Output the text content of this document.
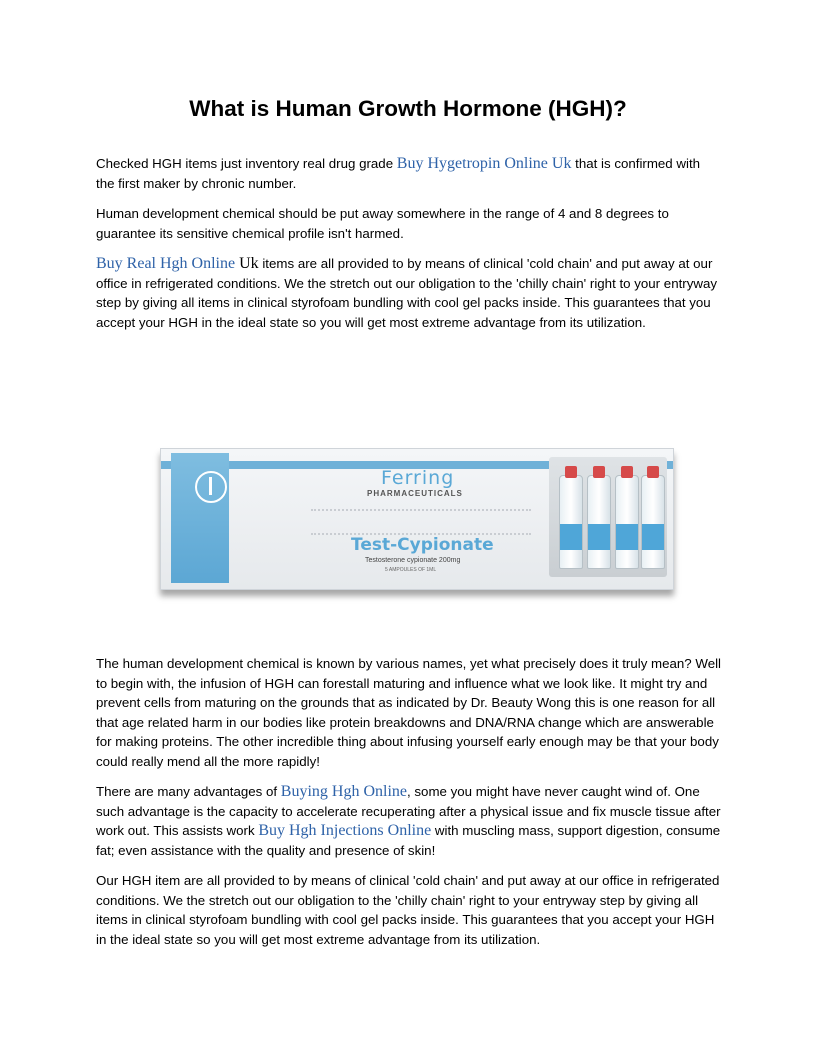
What is Human Growth Hormone (HGH)?

Checked HGH items just inventory real drug grade Buy Hygetropin Online Uk that is confirmed with the first maker by chronic number.

Human development chemical should be put away somewhere in the range of 4 and 8 degrees to guarantee its sensitive chemical profile isn't harmed.

Buy Real Hgh Online Uk items are all provided to by means of clinical 'cold chain' and put away at our office in refrigerated conditions. We the stretch out our obligation to the 'chilly chain' right to your entryway step by giving all items in clinical styrofoam bundling with cool gel packs inside. This guarantees that you accept your HGH in the ideal state so you will get most extreme advantage from its utilization.

Ferring
PHARMACEUTICALS
Test-Cypionate
Testosterone cypionate 200mg
5 AMPOULES OF 1ML

The human development chemical is known by various names, yet what precisely does it truly mean? Well to begin with, the infusion of HGH can forestall maturing and influence what we look like. It might try and prevent cells from maturing on the grounds that as indicated by Dr. Beauty Wong this is one reason for all that age related harm in our bodies like protein breakdowns and DNA/RNA change which are answerable for making proteins. The other incredible thing about infusing yourself early enough may be that your body could really mend all the more rapidly!

There are many advantages of Buying Hgh Online, some you might have never caught wind of. One such advantage is the capacity to accelerate recuperating after a physical issue and fix muscle tissue after work out. This assists work Buy Hgh Injections Online with muscling mass, support digestion, consume fat; even assistance with the quality and presence of skin!

Our HGH item are all provided to by means of clinical 'cold chain' and put away at our office in refrigerated conditions. We the stretch out our obligation to the 'chilly chain' right to your entryway step by giving all items in clinical styrofoam bundling with cool gel packs inside. This guarantees that you accept your HGH in the ideal state so you will get most extreme advantage from its utilization.
